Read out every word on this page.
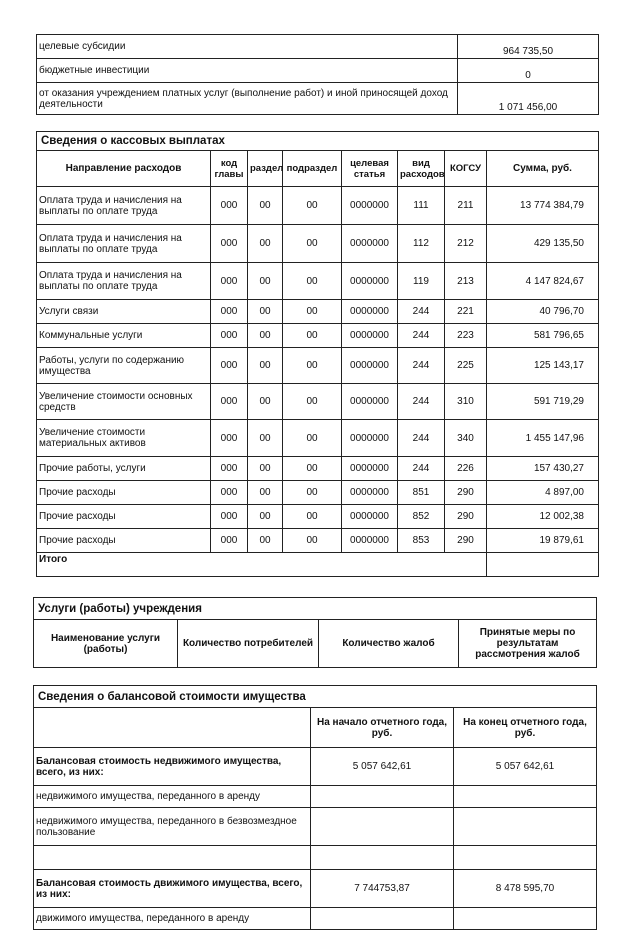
целевые субсидии	964 735,50
бюджетные инвестиции	0
от оказания учреждением платных услуг (выполнение работ) и иной приносящей доход деятельности	1 071 456,00
Сведения о кассовых выплатах							
Направление расходов	код главы	раздел	подраздел	целевая статья	вид расходов	КОГСУ	Сумма, руб.
Оплата труда и начисления на выплаты по оплате труда	000	00	00	0000000	111	211	13 774 384,79
Оплата труда и начисления на выплаты по оплате труда	000	00	00	0000000	112	212	429 135,50
Оплата труда и начисления на выплаты по оплате труда	000	00	00	0000000	119	213	4 147 824,67
Услуги связи	000	00	00	0000000	244	221	40 796,70
Коммунальные услуги	000	00	00	0000000	244	223	581 796,65
Работы, услуги по содержанию имущества	000	00	00	0000000	244	225	125 143,17
Увеличение стоимости основных средств	000	00	00	0000000	244	310	591 719,29
Увеличение стоимости материальных активов	000	00	00	0000000	244	340	1 455 147,96
Прочие работы, услуги	000	00	00	0000000	244	226	157 430,27
Прочие расходы	000	00	00	0000000	851	290	4 897,00
Прочие расходы	000	00	00	0000000	852	290	12 002,38
Прочие расходы	000	00	00	0000000	853	290	19 879,61
Итого							
Услуги (работы) учреждения
Наименование услуги (работы)	Количество потребителей	Количество жалоб	Принятые меры по результатам рассмотрения жалоб
Сведения о балансовой стоимости имущества		
	На начало отчетного года, руб.	На конец отчетного года, руб.
Балансовая стоимость недвижимого имущества, всего, из них:	5 057 642,61	5 057 642,61
недвижимого имущества, переданного в аренду		
недвижимого имущества, переданного в безвозмездное пользование		

Балансовая стоимость движимого имущества, всего, из них:	7 744753,87	8 478 595,70
движимого имущества, переданного в аренду		
